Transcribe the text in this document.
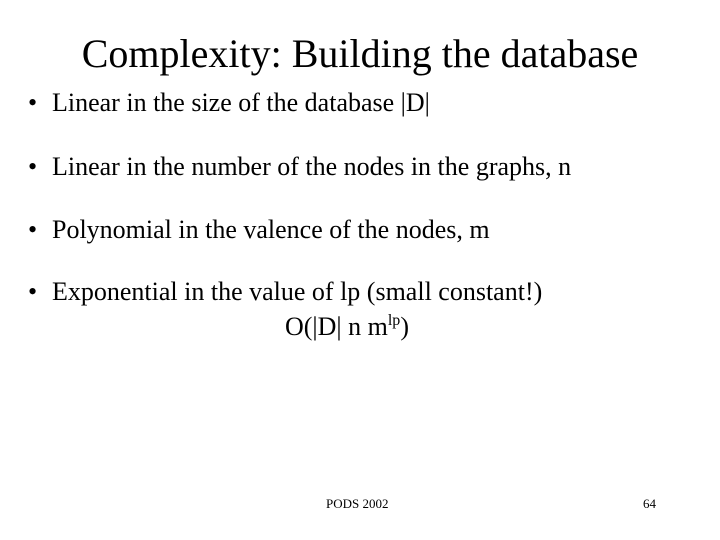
Complexity: Building the database
• Linear in the size of the database |D|
• Linear in the number of the nodes in the graphs, n
• Polynomial in the valence of the nodes, m
• Exponential in the value of lp (small constant!)
O(|D| n $m^{lp}$)
PODS 2002	64
